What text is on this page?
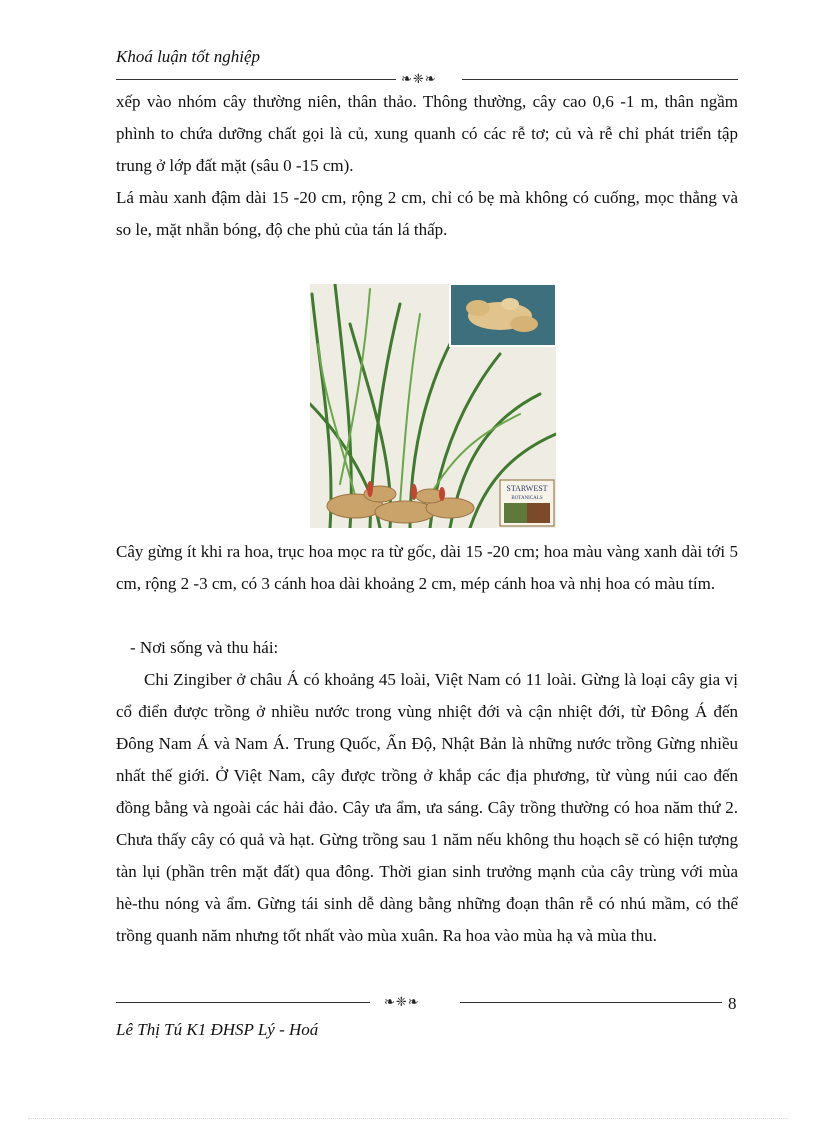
Khoá luận tốt nghiệp
❧❈❧

xếp vào nhóm cây thường niên, thân thảo. Thông thường, cây cao 0,6 -1 m, thân ngầm phình to chứa dưỡng chất gọi là củ, xung quanh có các rễ tơ; củ và rễ chỉ phát triển tập trung ở lớp đất mặt (sâu 0 -15 cm).

Lá màu xanh đậm dài 15 -20 cm, rộng 2 cm, chỉ có bẹ mà không có cuống, mọc thẳng và so le, mặt nhẵn bóng, độ che phủ của tán lá thấp.

STARWEST
BOTANICALS

Cây gừng ít khi ra hoa, trục hoa mọc ra từ gốc, dài 15 -20 cm; hoa màu vàng xanh dài tới 5 cm, rộng 2 -3 cm, có 3 cánh hoa dài khoảng 2 cm, mép cánh hoa và nhị hoa có màu tím.

- Nơi sống và thu hái:

Chi Zingiber ở châu Á có khoảng 45 loài, Việt Nam có 11 loài. Gừng là loại cây gia vị cổ điển được trồng ở nhiều nước trong vùng nhiệt đới và cận nhiệt đới, từ Đông Á đến Đông Nam Á và Nam Á. Trung Quốc, Ấn Độ, Nhật Bản là những nước trồng Gừng nhiều nhất thế giới. Ở Việt Nam, cây được trồng ở khắp các địa phương, từ vùng núi cao đến đồng bằng và ngoài các hải đảo. Cây ưa ẩm, ưa sáng. Cây trồng thường có hoa năm thứ 2. Chưa thấy cây có quả và hạt. Gừng trồng sau 1 năm nếu không thu hoạch sẽ có hiện tượng tàn lụi (phần trên mặt đất) qua đông. Thời gian sinh trưởng mạnh của cây trùng với mùa hè-thu nóng và ẩm. Gừng tái sinh dễ dàng bằng những đoạn thân rễ có nhú mầm, có thể trồng quanh năm nhưng tốt nhất vào mùa xuân. Ra hoa vào mùa hạ và mùa thu.

❧❈❧	8
Lê Thị Tú K1 ĐHSP Lý - Hoá
